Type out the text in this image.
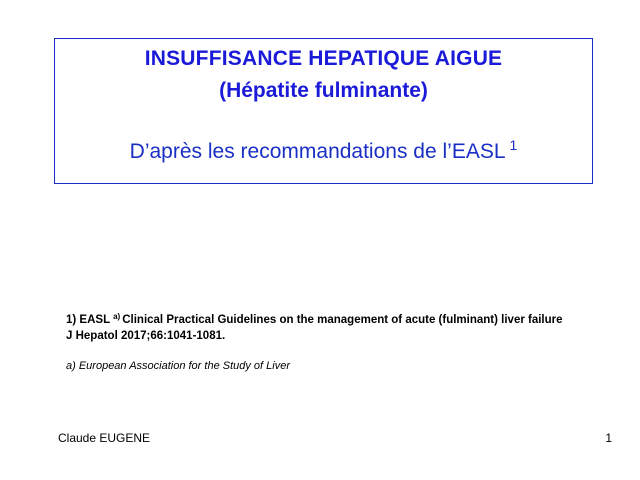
INSUFFISANCE HEPATIQUE AIGUE
(Hépatite fulminante)
D’après les recommandations de l’EASL $^1$
1) EASL $^{a)}$ Clinical Practical Guidelines on the management of acute (fulminant) liver failure
J Hepatol 2017;66:1041-1081.
a) European Association for the Study of Liver
Claude EUGENE	1
